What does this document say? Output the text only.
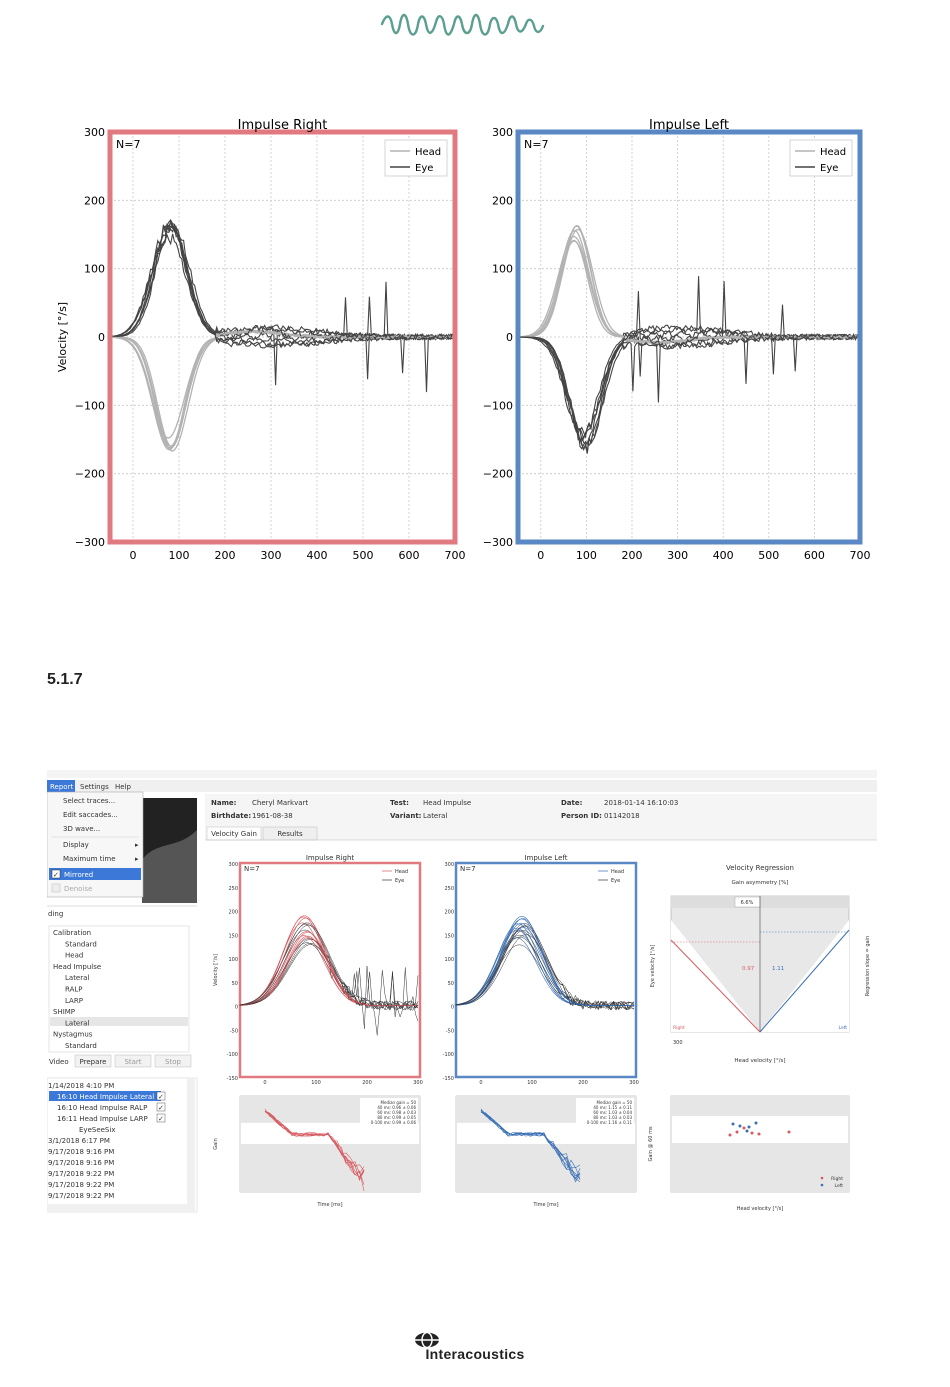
Impulse Right
N=7
Head
Eye
0	100 200 300 400 500 600 700
300
200
100
0
−100
−200
−300
Velocity [°/s]
Impulse Left
N=7
Head
Eye
0	100 200 300 400 500 600 700
300
200
100
0
−100
−200
−300
5.1.7
Report Settings Help
Select traces...
Edit saccades...
3D wave...
Display
Maximum time
▸
▸
✓ Mirrored
Denoise
ding
Calibration
Standard
Head
Head Impulse
Lateral
RALP
LARP
SHIMP
Lateral
Nystagmus
Standard
Video Prepare	Start	Stop
1/14/2018 4:10 PM
16:10 Head Impulse Lateral ✓
16:10 Head Impulse RALP ✓
16:11 Head Impulse LARP ✓
EyeSeeSix
3/1/2018 6:17 PM
9/17/2018 9:16 PM
9/17/2018 9:16 PM
9/17/2018 9:22 PM
9/17/2018 9:22 PM
9/17/2018 9:22 PM
Name: Cheryl Markvart
Birthdate: 1961-08-38
Test: Head Impulse
Variant: Lateral
Date:	2018-01-14 16:10:03
Person ID: 01142018
Velocity Gain	Results
Impulse Right
N=7
300
250
200
150
100
50
0
-50
-100
-150
0	100	200	300
Head
Eye
Impulse Left
N=7
300
250
200
150
100
50
0
-50
-100
-150
0	100	200	300
Head
Eye
Velocity [°/s]
Velocity Regression
Gain asymmetry [%]
6.6%
0.97	1.11
300
Head velocity [°/s]
Eye velocity [°/s]	Regression slope = gain
Right	Left
Median gain = 50
40 ms: 0.96 ± 0.06
60 ms: 0.98 ± 0.03
80 ms: 0.99 ± 0.05
0-100 ms: 0.99 ± 0.06
Time [ms]
Median gain = 50
40 ms: 1.15 ± 0.11
60 ms: 1.03 ± 0.04
80 ms: 1.03 ± 0.03
0-100 ms: 1.16 ± 0.11
Time [ms]
Gain
Head velocity [°/s]
Gain @ 60 ms
Right
Left
Interacoustics
